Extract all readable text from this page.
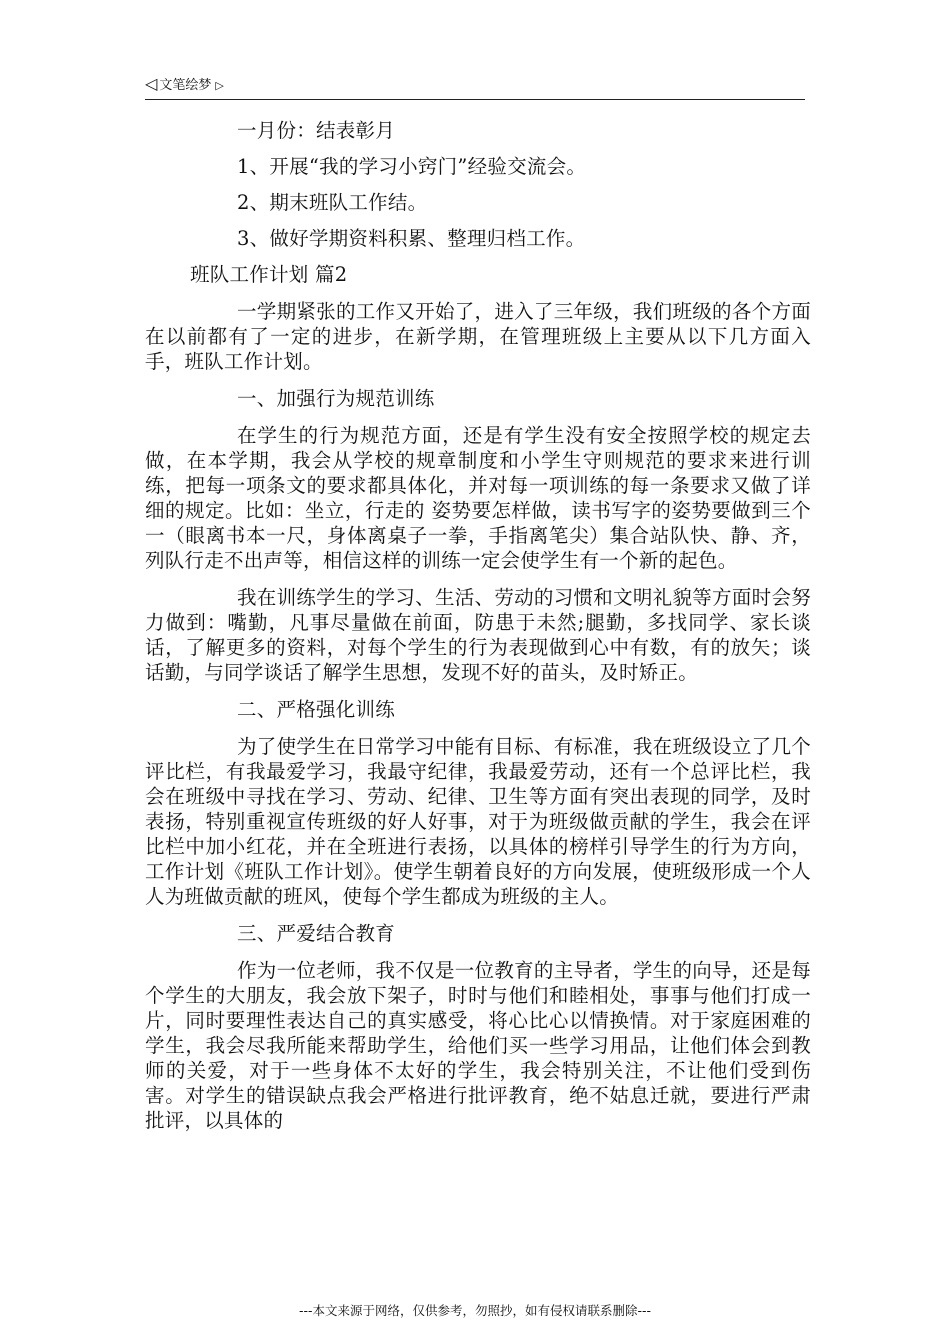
◁ 文笔绘梦 ▷

一月份：结表彰月

1、开展“我的学习小窍门”经验交流会。

2、期末班队工作结。

3、做好学期资料积累、整理归档工作。

班队工作计划 篇2

一学期紧张的工作又开始了，进入了三年级，我们班级的各个方面在以前都有了一定的进步，在新学期，在管理班级上主要从以下几方面入手，班队工作计划。

一、加强行为规范训练

在学生的行为规范方面，还是有学生没有安全按照学校的规定去做，在本学期，我会从学校的规章制度和小学生守则规范的要求来进行训练，把每一项条文的要求都具体化，并对每一项训练的每一条要求又做了详细的规定。比如：坐立，行走的 姿势要怎样做，读书写字的姿势要做到三个一（眼离书本一尺，身体离桌子一拳，手指离笔尖）集合站队快、静、齐，列队行走不出声等，相信这样的训练一定会使学生有一个新的起色。

我在训练学生的学习、生活、劳动的习惯和文明礼貌等方面时会努力做到：嘴勤，凡事尽量做在前面，防患于未然;腿勤，多找同学、家长谈话，了解更多的资料，对每个学生的行为表现做到心中有数，有的放矢；谈话勤，与同学谈话了解学生思想，发现不好的苗头，及时矫正。

二、严格强化训练

为了使学生在日常学习中能有目标、有标准，我在班级设立了几个评比栏，有我最爱学习，我最守纪律，我最爱劳动，还有一个总评比栏，我会在班级中寻找在学习、劳动、纪律、卫生等方面有突出表现的同学，及时表扬，特别重视宣传班级的好人好事，对于为班级做贡献的学生，我会在评比栏中加小红花，并在全班进行表扬，以具体的榜样引导学生的行为方向，工作计划《班队工作计划》。使学生朝着良好的方向发展，使班级形成一个人人为班做贡献的班风，使每个学生都成为班级的主人。

三、严爱结合教育

作为一位老师，我不仅是一位教育的主导者，学生的向导，还是每个学生的大朋友，我会放下架子，时时与他们和睦相处，事事与他们打成一片，同时要理性表达自己的真实感受，将心比心以情换情。对于家庭困难的学生，我会尽我所能来帮助学生，给他们买一些学习用品，让他们体会到教师的关爱，对于一些身体不太好的学生，我会特别关注，不让他们受到伤害。对学生的错误缺点我会严格进行批评教育，绝不姑息迁就，要进行严肃批评，以具体的

---本文来源于网络，仅供参考，勿照抄，如有侵权请联系删除---
